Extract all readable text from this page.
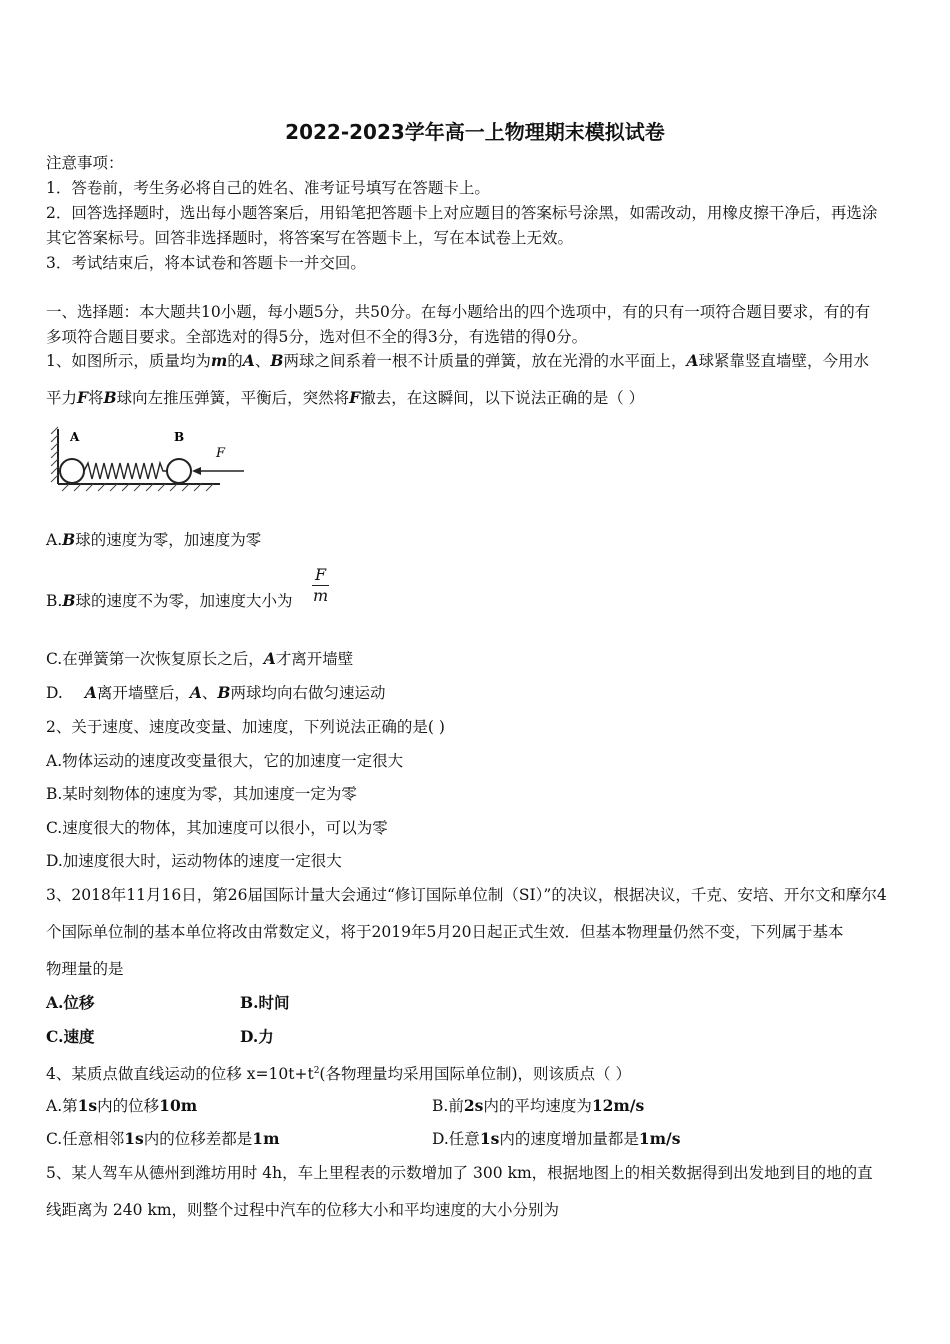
2022-2023学年高一上物理期末模拟试卷
注意事项：
1．答卷前，考生务必将自己的姓名、准考证号填写在答题卡上。
2．回答选择题时，选出每小题答案后，用铅笔把答题卡上对应题目的答案标号涂黑，如需改动，用橡皮擦干净后，再选涂
其它答案标号。回答非选择题时，将答案写在答题卡上，写在本试卷上无效。
3．考试结束后，将本试卷和答题卡一并交回。
一、选择题：本大题共10小题，每小题5分，共50分。在每小题给出的四个选项中，有的只有一项符合题目要求，有的有
多项符合题目要求。全部选对的得5分，选对但不全的得3分，有选错的得0分。
1、如图所示，质量均为m的A、B两球之间系着一根不计质量的弹簧，放在光滑的水平面上，A球紧靠竖直墙壁，今用水
平力F将B球向左推压弹簧，平衡后，突然将F撤去，在这瞬间，以下说法正确的是（ ）
A	B
F
A.B球的速度为零，加速度为零
B.B球的速度不为零，加速度大小为 $\frac{F}{m}$
C.在弹簧第一次恢复原长之后，A才离开墙壁
D. A离开墙壁后，A、B两球均向右做匀速运动
2、关于速度、速度改变量、加速度，下列说法正确的是( )
A.物体运动的速度改变量很大，它的加速度一定很大
B.某时刻物体的速度为零，其加速度一定为零
C.速度很大的物体，其加速度可以很小，可以为零
D.加速度很大时，运动物体的速度一定很大
3、2018年11月16日，第26届国际计量大会通过“修订国际单位制（SI）”的决议，根据决议，千克、安培、开尔文和摩尔4
个国际单位制的基本单位将改由常数定义，将于2019年5月20日起正式生效．但基本物理量仍然不变，下列属于基本
物理量的是
A.位移	B.时间
C.速度	D.力
4、某质点做直线运动的位移 $x=10t+t^2$(各物理量均采用国际单位制)，则该质点（ ）
A.第1s内的位移10m	B.前2s内的平均速度为12m/s
C.任意相邻1s内的位移差都是1m	D.任意1s内的速度增加量都是1m/s
5、某人驾车从德州到潍坊用时 4h，车上里程表的示数增加了 300 km，根据地图上的相关数据得到出发地到目的地的直
线距离为 240 km，则整个过程中汽车的位移大小和平均速度的大小分别为
